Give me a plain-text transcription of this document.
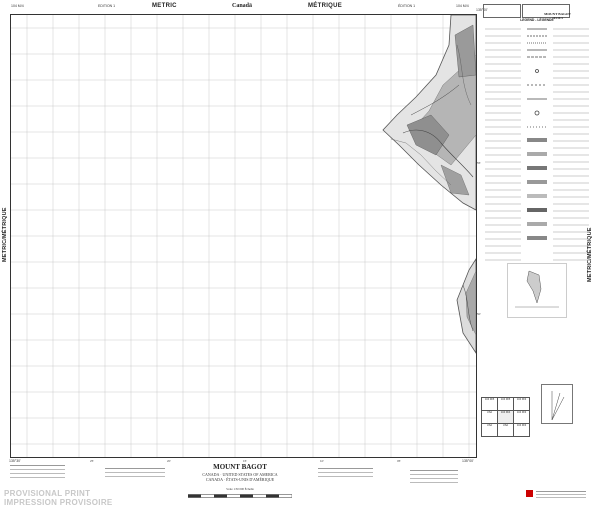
104 M/4	EDITION 1	METRIC	Canadä	MÉTRIQUE	ÉDITION 1	104 M/4
135°00'
METRIC/MÉTRIQUE	METRIC/MÉTRIQUE
55'
50'
135°30'	25'	20'	15'	10'	05'	135°00'
LEGEND - LÉGENDE
MOUNT BAGOT
104 M/4
104 M/5	104 M/5	104 M/3
USA	104 M/4	104 M/3
USA	USA	104 M/3
MOUNT BAGOT
CANADA · UNITED STATES OF AMERICA
CANADA · ÉTATS-UNIS D'AMÉRIQUE
Scale 1:50 000 Échelle
PROVISIONAL PRINT
IMPRESSION PROVISOIRE
